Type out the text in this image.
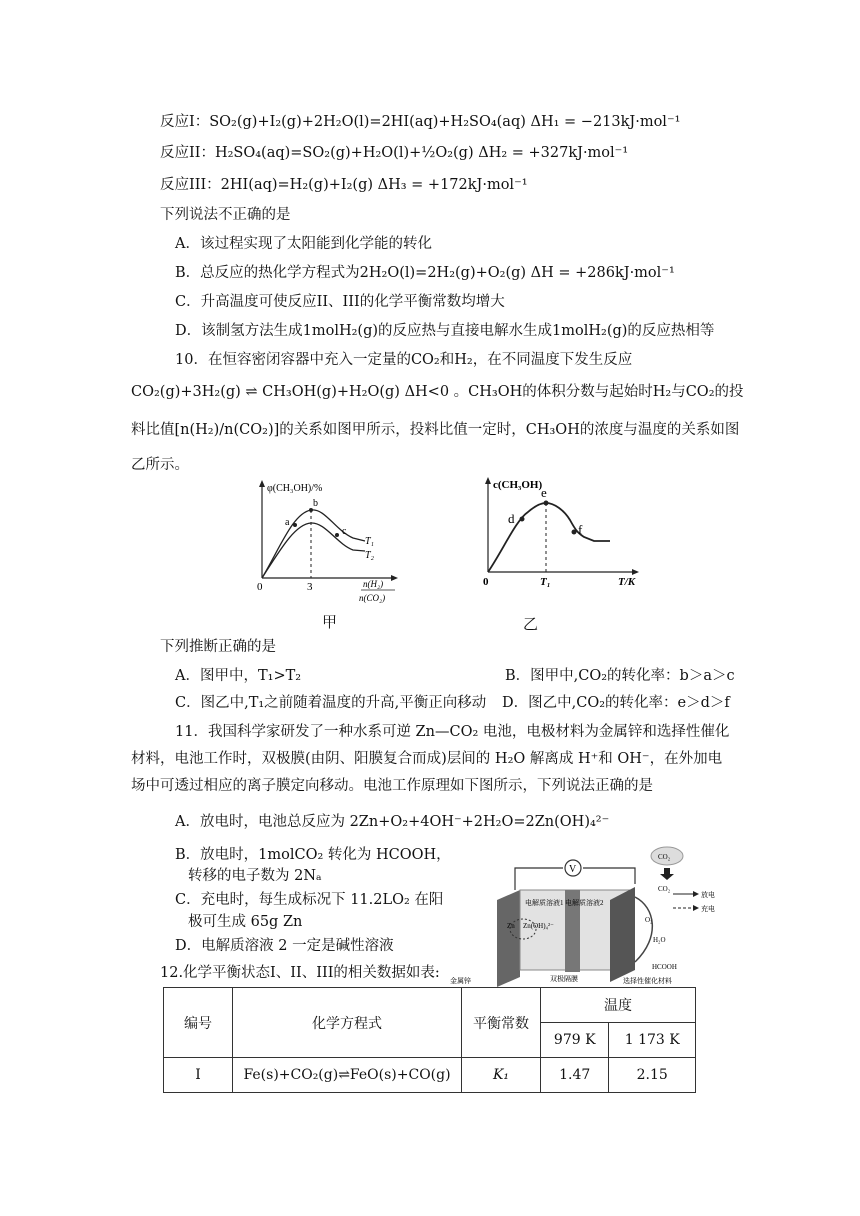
反应I：SO₂(g)+I₂(g)+2H₂O(l)=2HI(aq)+H₂SO₄(aq) ΔH₁ = −213kJ·mol⁻¹
反应II：H₂SO₄(aq)=SO₂(g)+H₂O(l)+½O₂(g) ΔH₂ = +327kJ·mol⁻¹
反应III：2HI(aq)=H₂(g)+I₂(g) ΔH₃ = +172kJ·mol⁻¹
下列说法不正确的是
A．该过程实现了太阳能到化学能的转化
B．总反应的热化学方程式为2H₂O(l)=2H₂(g)+O₂(g) ΔH = +286kJ·mol⁻¹
C．升高温度可使反应II、III的化学平衡常数均增大
D．该制氢方法生成1molH₂(g)的反应热与直接电解水生成1molH₂(g)的反应热相等
10．在恒容密闭容器中充入一定量的CO₂和H₂，在不同温度下发生反应
CO₂(g)+3H₂(g) ⇌ CH₃OH(g)+H₂O(g) ΔH<0 。CH₃OH的体积分数与起始时H₂与CO₂的投
料比值[n(H₂)/n(CO₂)]的关系如图甲所示，投料比值一定时，CH₃OH的浓度与温度的关系如图
乙所示。
φ(CH₃OH)/%
b
a
c
T₁
T₂
0	3	n(H₂)
n(CO₂)
甲
c(CH₃OH)
e
d
f
0	T₁	T/K
乙
下列推断正确的是
A．图甲中，T₁>T₂	B．图甲中,CO₂的转化率：b＞a＞c
C．图乙中,T₁之前随着温度的升高,平衡正向移动 D．图乙中,CO₂的转化率：e＞d＞f
11．我国科学家研发了一种水系可逆 Zn—CO₂ 电池，电极材料为金属锌和选择性催化
材料，电池工作时，双极膜(由阴、阳膜复合而成)层间的 H₂O 解离成 H⁺和 OH⁻，在外加电
场中可透过相应的离子膜定向移动。电池工作原理如下图所示，下列说法正确的是
A．放电时，电池总反应为 2Zn+O₂+4OH⁻+2H₂O=2Zn(OH)₄²⁻
B．放电时，1molCO₂ 转化为 HCOOH，
转移的电子数为 2Nₐ
C．充电时，每生成标况下 11.2LO₂ 在阳
极可生成 65g Zn
D．电解质溶液 2 一定是碱性溶液
V
CO₂
CO₂
电解质溶液1 电解质溶液2
Zn Zn(OH)₄²⁻
O₂
H₂O
HCOOH
放电
充电
金属锌	双极隔膜	选择性催化材料
12.化学平衡状态I、II、III的相关数据如表:
编号	化学方程式	平衡常数	温度	
			979 K	1 173 K
I	Fe(s)+CO₂(g)⇌FeO(s)+CO(g)	K₁	1.47	2.15
